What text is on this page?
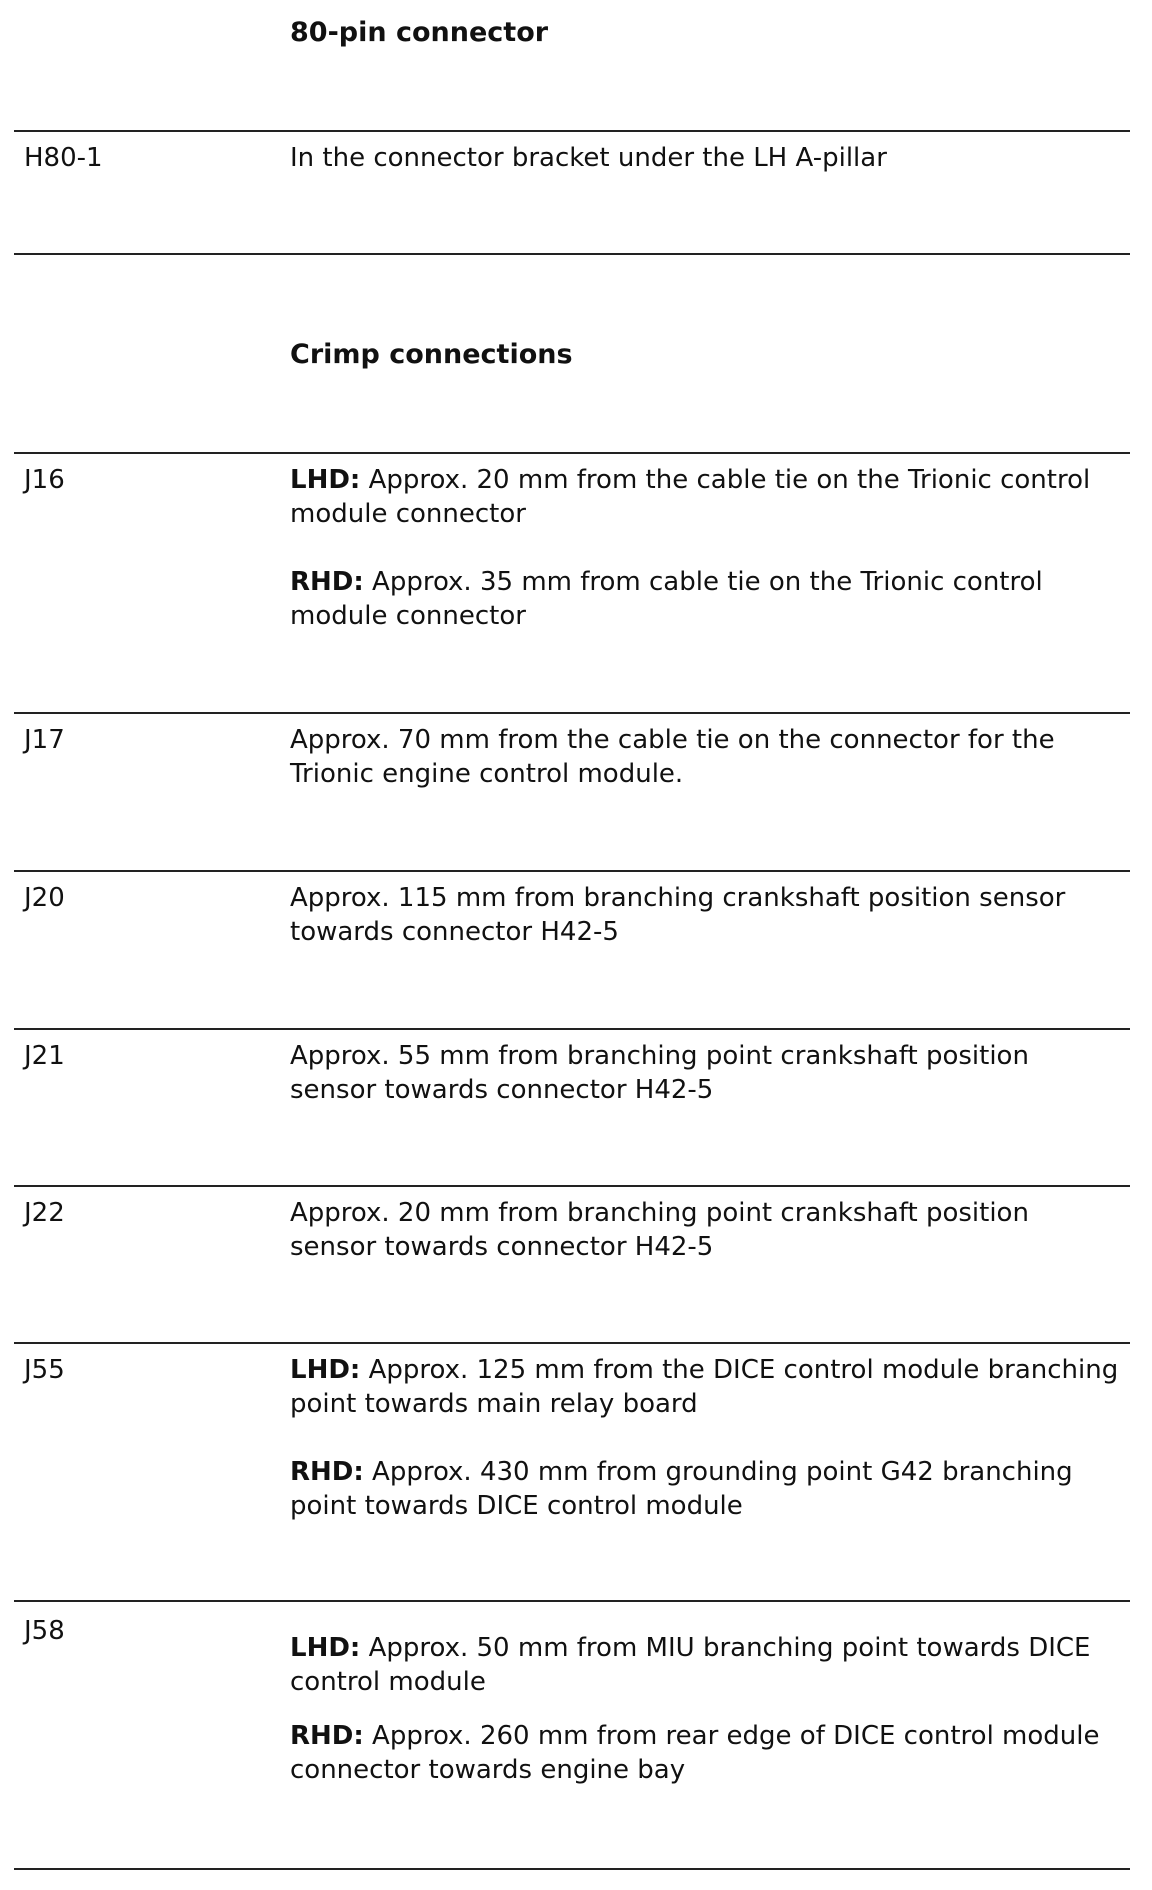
80-pin connector
H80-1	In the connector bracket under the LH A-pillar

Crimp connections
J16	LHD: Approx. 20 mm from the cable tie on the Trionic control module connector

RHD: Approx. 35 mm from cable tie on the Trionic control module connector

J17	Approx. 70 mm from the cable tie on the connector for the Trionic engine control module.

J20	Approx. 115 mm from branching crankshaft position sensor towards connector H42-5

J21	Approx. 55 mm from branching point crankshaft position sensor towards connector H42-5

J22	Approx. 20 mm from branching point crankshaft position sensor towards connector H42-5

J55	LHD: Approx. 125 mm from the DICE control module branching point towards main relay board

RHD: Approx. 430 mm from grounding point G42 branching point towards DICE control module

J58

LHD: Approx. 50 mm from MIU branching point towards DICE control module

RHD: Approx. 260 mm from rear edge of DICE control module connector towards engine bay
